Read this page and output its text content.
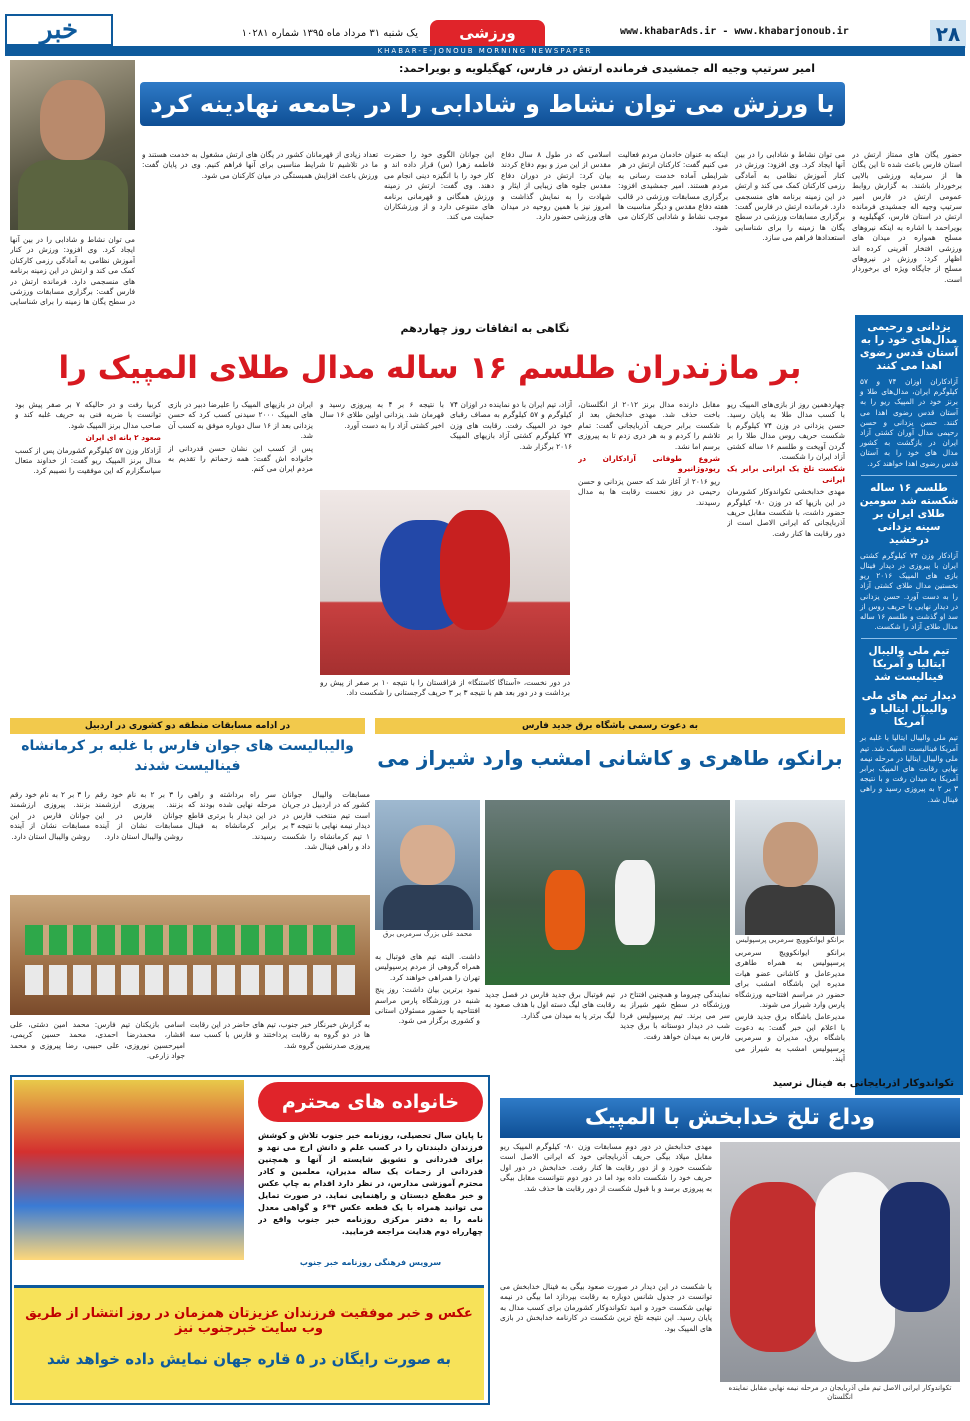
۲۸
www.khabarAds.ir - www.khabarjonoub.ir
ورزشی
یک شنبه ۳۱ مرداد ماه ۱۳۹۵ شماره ۱۰۲۸۱
خبر
KHABAR-E-JONOUB MORNING NEWSPAPER
امیر سرتیپ وجیه اله جمشیدی فرمانده ارتش در فارس، کهگیلویه و بویراحمد:
با ورزش می توان نشاط و شادابی را در جامعه نهادینه کرد
حضور یگان های ممتاز ارتش در استان فارس باعث شده تا این یگان ها از سرمایه ورزشی بالایی برخوردار باشند. به گزارش روابط عمومی ارتش در فارس امیر سرتیپ وجیه اله جمشیدی فرمانده ارتش در استان فارس، کهگیلویه و بویراحمد با اشاره به اینکه نیروهای مسلح همواره در میدان های ورزشی افتخار آفرینی کرده اند اظهار کرد: ورزش در نیروهای مسلح از جایگاه ویژه ای برخوردار است.
می توان نشاط و شادابی را در بین آنها ایجاد کرد. وی افزود: ورزش در کنار آموزش نظامی به آمادگی رزمی کارکنان کمک می کند و ارتش در این زمینه برنامه های منسجمی دارد. فرمانده ارتش در فارس گفت: برگزاری مسابقات ورزشی در سطح یگان ها زمینه را برای شناسایی استعدادها فراهم می سازد.
اینکه به عنوان خادمان مردم فعالیت می کنیم گفت: کارکنان ارتش در هر شرایطی آماده خدمت رسانی به مردم هستند. امیر جمشیدی افزود: برگزاری مسابقات ورزشی در قالب هفته دفاع مقدس و دیگر مناسبت ها موجب نشاط و شادابی کارکنان می شود.
اسلامی که در طول ۸ سال دفاع مقدس از این مرز و بوم دفاع کردند بیان کرد: ارتش در دوران دفاع مقدس جلوه های زیبایی از ایثار و شهادت را به نمایش گذاشت و امروز نیز با همین روحیه در میدان های ورزشی حضور دارد.
این جوانان الگوی خود را حضرت فاطمه زهرا (س) قرار داده اند و کار خود را با انگیزه دینی انجام می دهند. وی گفت: ارتش در زمینه ورزش همگانی و قهرمانی برنامه های متنوعی دارد و از ورزشکاران حمایت می کند.
تعداد زیادی از قهرمانان کشور در یگان های ارتش مشغول به خدمت هستند و ما در تلاشیم تا شرایط مناسبی برای آنها فراهم کنیم. وی در پایان گفت: ورزش باعث افزایش همبستگی در میان کارکنان می شود.
می توان نشاط و شادابی را در بین آنها ایجاد کرد. وی افزود: ورزش در کنار آموزش نظامی به آمادگی رزمی کارکنان کمک می کند و ارتش در این زمینه برنامه های منسجمی دارد. فرمانده ارتش در فارس گفت: برگزاری مسابقات ورزشی در سطح یگان ها زمینه را برای شناسایی
یزدانی و رحیمی مدال‌های خود را به آستان قدس رضوی اهدا می کنند
آزادکاران اوزان ۷۴ و ۵۷ کیلوگرم ایران، مدال‌های طلا و برنز خود در المپیک ریو را به آستان قدس رضوی اهدا می کنند. حسن یزدانی و حسن رحیمی مدال آوران کشتی آزاد ایران در بازگشت به کشور مدال های خود را به آستان قدس رضوی اهدا خواهند کرد.
طلسم ۱۶ ساله شکسته شد سومین طلای ایران بر سینه یزدانی درخشید
آزادکار وزن ۷۴ کیلوگرم کشتی ایران با پیروزی در دیدار فینال بازی های المپیک ۲۰۱۶ ریو نخستین مدال طلای کشتی آزاد را به دست آورد. حسن یزدانی در دیدار نهایی با حریف روس از سد او گذشت و طلسم ۱۶ ساله مدال طلای آزاد را شکست.
تیم ملی والیبال ایتالیا و آمریکا فینالیست شد
دیدار تیم های ملی والیبال ایتالیا و آمریکا
تیم ملی والیبال ایتالیا با غلبه بر آمریکا فینالیست المپیک شد. تیم ملی والیبال ایتالیا در مرحله نیمه نهایی رقابت های المپیک برابر آمریکا به میدان رفت و با نتیجه ۳ بر ۲ به پیروزی رسید و راهی فینال شد.
نگاهی به اتفاقات روز چهاردهم
بر مازندران طلسم ۱۶ ساله مدال طلای المپیک را

چهاردهمین روز از بازی‌های المپیک ریو با کسب مدال طلا به پایان رسید. حسن یزدانی در وزن ۷۴ کیلوگرم با شکست حریف روس مدال طلا را بر گردن آویخت و طلسم ۱۶ ساله کشتی آزاد ایران را شکست.

شکست تلخ یک ایرانی برابر یک ایرانی

مهدی خدابخشی تکواندوکار کشورمان در این بازیها که در وزن ۸۰- کیلوگرم حضور داشت، با شکست مقابل حریف آذربایجانی که ایرانی الاصل است از دور رقابت ها کنار رفت.

مقابل دارنده مدال برنز ۲۰۱۲ از انگلستان، باخت حذف شد. مهدی خدابخش بعد از شکست برابر حریف آذربایجانی گفت: تمام تلاشم را کردم و به هر دری زدم تا به پیروزی برسم اما نشد.

شروع طوفانی آزادکاران در ریودوژانیرو

ریو ۲۰۱۶ از آغاز شد که حسن یزدانی و حسن رحیمی در روز نخست رقابت ها به مدال رسیدند.

آزاد، تیم ایران با دو نماینده در اوزان ۷۴ کیلوگرم و ۵۷ کیلوگرم به مصاف رقبای خود در المپیک رفت. رقابت های وزن ۷۴ کیلوگرم کشتی آزاد بازیهای المپیک ۲۰۱۶ برگزار شد.
با نتیجه ۶ بر ۴ به پیروزی رسید و قهرمان شد. یزدانی اولین طلای ۱۶ سال اخیر کشتی آزاد را به دست آورد.
در دور نخست، «آستاگا کاستنگا» از قزاقستان را با نتیجه ۱۰ بر صفر از پیش رو برداشت و در دور بعد هم با نتیجه ۳ بر ۳ حریف گرجستانی را شکست داد.

ایران در بازیهای المپیک را علیرضا دبیر در بازی های المپیک ۲۰۰۰ سیدنی کسب کرد که حسن یزدانی بعد از ۱۶ سال دوباره موفق به کسب آن شد.

پس از کسب این نشان حسن قدردانی از خانواده اش گفت: همه زحماتم را تقدیم به مردم ایران می کنم.

کربیا رفت و در حالیکه ۷ بر صفر پیش بود توانست با ضربه فنی به حریف غلبه کند و صاحب مدال برنز المپیک شود.

صعود ۲ بانه ای ایران

آزادکار وزن ۵۷ کیلوگرم کشورمان پس از کسب مدال برنز المپیک ریو گفت: از خداوند متعال سپاسگزارم که این موفقیت را نصیبم کرد.

در ادامه مسابقات منطقه دو کشوری در اردبیل
والیبالیست های جوان فارس با غلبه بر کرمانشاه فینالیست شدند
مسابقات والیبال جوانان کشور که در اردبیل در جریان است تیم منتخب فارس در دیدار نیمه نهایی با نتیجه ۳ بر ۱ تیم کرمانشاه را شکست داد و راهی فینال شد.
سر راه برداشته و راهی مرحله نهایی شده بودند که در این دیدار با برتری قاطع برابر کرمانشاه به فینال رسیدند.
را ۳ بر ۲ به نام خود رقم بزنند. پیروزی ارزشمند جوانان فارس در این مسابقات نشان از آینده روشن والیبال استان دارد.
را ۳ بر ۲ به نام خود رقم بزنند. پیروزی ارزشمند جوانان فارس در این مسابقات نشان از آینده روشن والیبال استان دارد.
به گزارش خبرنگار خبر جنوب، تیم های حاضر در این رقابت ها در دو گروه به رقابت پرداختند و فارس با کسب سه پیروزی صدرنشین گروه شد.
اسامی بازیکنان تیم فارس: محمد امین دشتی، علی افشار، محمدرضا احمدی، محمد حسین کریمی، امیرحسین نوروزی، علی حبیبی، رضا پیروزی و محمد جواد زارعی.
به دعوت رسمی باشگاه برق جدید فارس
برانکو، طاهری و کاشانی امشب وارد شیراز می
برانکو ایوانکوویچ سرمربی پرسپولیس

برانکو ایوانکوویچ سرمربی پرسپولیس به همراه طاهری مدیرعامل و کاشانی عضو هیات مدیره این باشگاه امشب برای حضور در مراسم افتتاحیه ورزشگاه پارس وارد شیراز می شوند.

مدیرعامل باشگاه برق جدید فارس با اعلام این خبر گفت: به دعوت باشگاه برق، مدیران و سرمربی پرسپولیس امشب به شیراز می آیند.

نمایندگی چیروما و همچنین افتتاح در ورزشگاه در سطح شهر شیراز به سر می برند. تیم پرسپولیس فردا شب در دیدار دوستانه با برق جدید فارس به میدان خواهد رفت.
تیم فوتبال برق جدید فارس در فصل جدید رقابت های لیگ دسته اول با هدف صعود به لیگ برتر پا به میدان می گذارد.
محمد علی بزرگ سرمربی برق

داشت. البته تیم های فوتبال به همراه گروهی از مردم پرسپولیس تهران را همراهی خواهند کرد.

نمود برترین بیان داشت: روز پنج شنبه در ورزشگاه پارس مراسم افتتاحیه با حضور مسئولان استانی و کشوری برگزار می شود.

خانواده های محترم
با پایان سال تحصیلی، روزنامه خبر جنوب تلاش و کوشش فرزندان دلبندتان را در کسب علم و دانش ارج می نهد و برای قدردانی و تشویق شایسته از آنها و همچنین قدردانی از زحمات یک ساله مدیران، معلمین و کادر محترم آموزشی مدارس، در نظر دارد اقدام به چاپ عکس و خبر مقطع دبستان و راهنمایی نماید. در صورت تمایل می توانید همراه با یک قطعه عکس ۴*۶ و گواهی معدل نامه را به دفتر مرکزی روزنامه خبر جنوب واقع در چهارراه دوم هدایت مراجعه فرمایید.
سرویس فرهنگی روزنامه خبر جنوب
عکس و خبر موفقیت فرزندان عزیزتان همزمان در روز انتشار از طریق وب سایت خبرجنوب نیز
به صورت رایگان در ۵ قاره جهان نمایش داده خواهد شد
تکواندوکار آذربایجانی به فینال نرسید
وداع تلخ خدابخش با المپیک
تکواندوکار ایرانی الاصل تیم ملی آذربایجان در مرحله نیمه نهایی مقابل نماینده انگلستان
مهدی خدابخش در دور دوم مسابقات وزن ۸۰- کیلوگرم المپیک ریو مقابل میلاد بیگی حریف آذربایجانی خود که ایرانی الاصل است شکست خورد و از دور رقابت ها کنار رفت. خدابخش در دور اول حریف خود را شکست داده بود اما در دور دوم نتوانست مقابل بیگی به پیروزی برسد و با قبول شکست از دور رقابت ها حذف شد.
با شکست در این دیدار در صورت صعود بیگی به فینال خدابخش می توانست در جدول شانس دوباره به رقابت بپردازد اما بیگی در نیمه نهایی شکست خورد و امید تکواندوکار کشورمان برای کسب مدال به پایان رسید. این نتیجه تلخ ترین شکست در کارنامه خدابخش در بازی های المپیک بود.
